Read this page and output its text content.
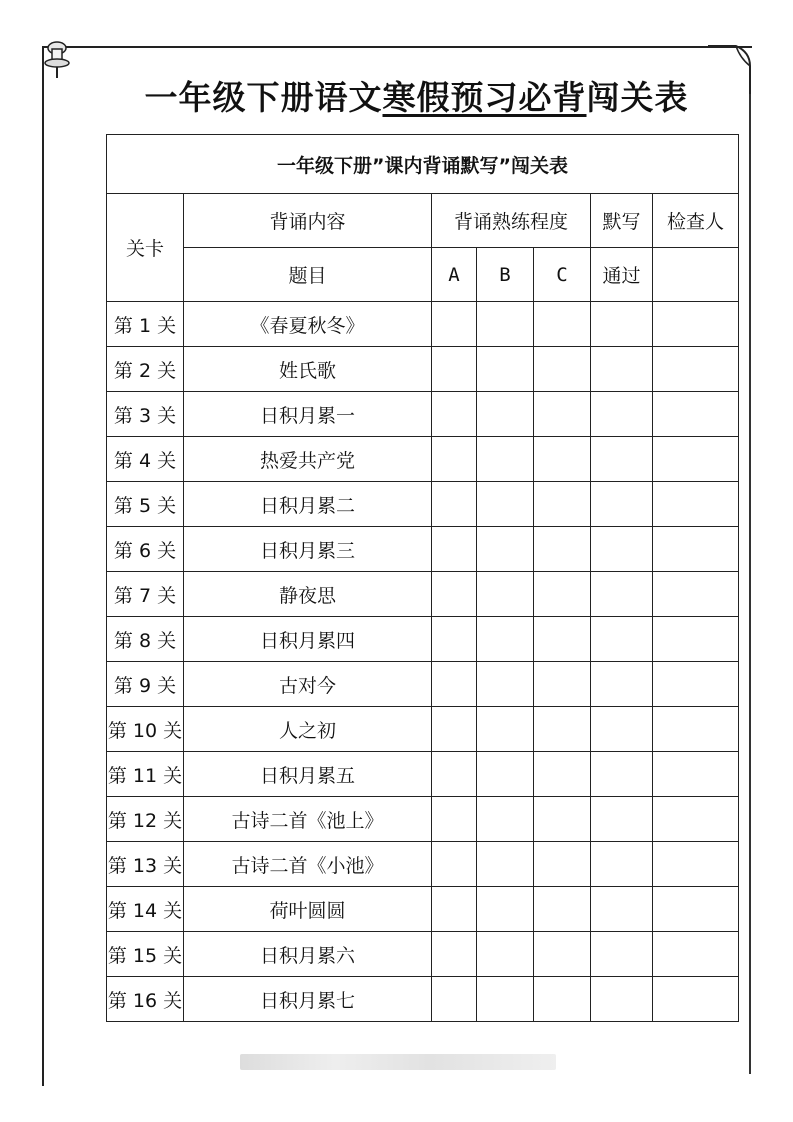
一年级下册语文寒假预习必背闯关表
一年级下册”课内背诵默写”闯关表						
关卡	背诵内容	背诵熟练程度			默写	检查人
	题目	A	B	C	通过	
第 1 关	《春夏秋冬》					
第 2 关	姓氏歌					
第 3 关	日积月累一					
第 4 关	热爱共产党					
第 5 关	日积月累二					
第 6 关	日积月累三					
第 7 关	静夜思					
第 8 关	日积月累四					
第 9 关	古对今					
第 10 关	人之初					
第 11 关	日积月累五					
第 12 关	古诗二首《池上》					
第 13 关	古诗二首《小池》					
第 14 关	荷叶圆圆					
第 15 关	日积月累六					
第 16 关	日积月累七					
